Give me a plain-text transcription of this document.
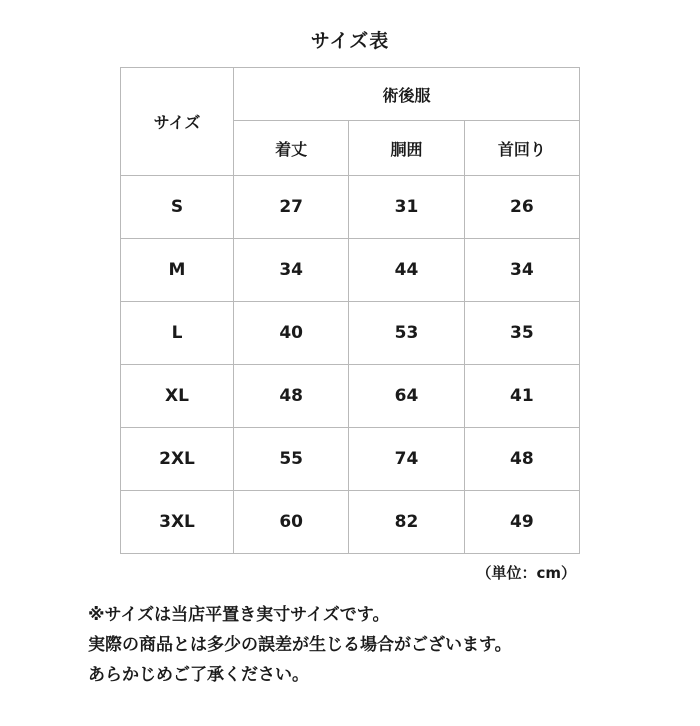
サイズ表
サイズ	術後服		
	着丈	胴囲	首回り
S	27	31	26
M	34	44	34
L	40	53	35
XL	48	64	41
2XL	55	74	48
3XL	60	82	49
（単位：cm）
※サイズは当店平置き実寸サイズです。
実際の商品とは多少の誤差が生じる場合がございます。
あらかじめご了承ください。
